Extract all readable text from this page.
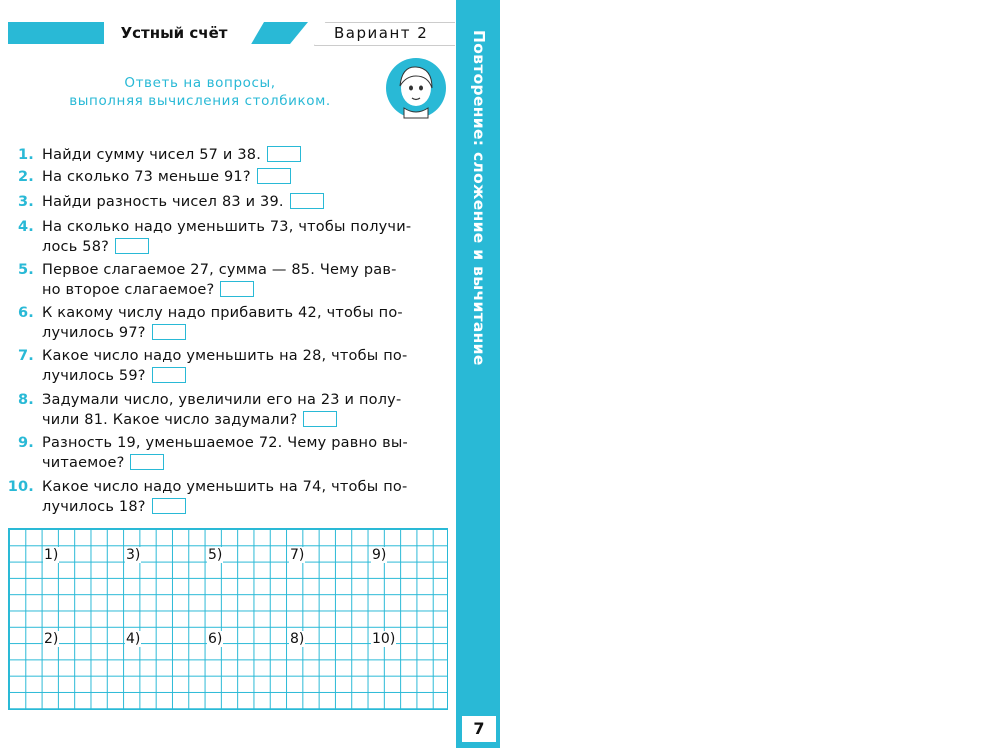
12
45
Повторение: сложение и вычитание
7
Устный счёт	Вариант 2
Ответь на вопросы,
выполняя вычисления столбиком.
1. Найди сумму чисел 57 и 38.
2. На сколько 73 меньше 91?
3. Найди разность чисел 83 и 39.
4. На сколько надо уменьшить 73, чтобы получи-
лось 58?
5. Первое слагаемое 27, сумма — 85. Чему рав-
но второе слагаемое?
6. К какому числу надо прибавить 42, чтобы по-
лучилось 97?
7. Какое число надо уменьшить на 28, чтобы по-
лучилось 59?
8. Задумали число, увеличили его на 23 и полу-
чили 81. Какое число задумали?
9. Разность 19, уменьшаемое 72. Чему равно вы-
читаемое?
10. Какое число надо уменьшить на 74, чтобы по-
лучилось 18?
1)	3)	5)	7)	9)
2)	4)	6)	8)	10)
